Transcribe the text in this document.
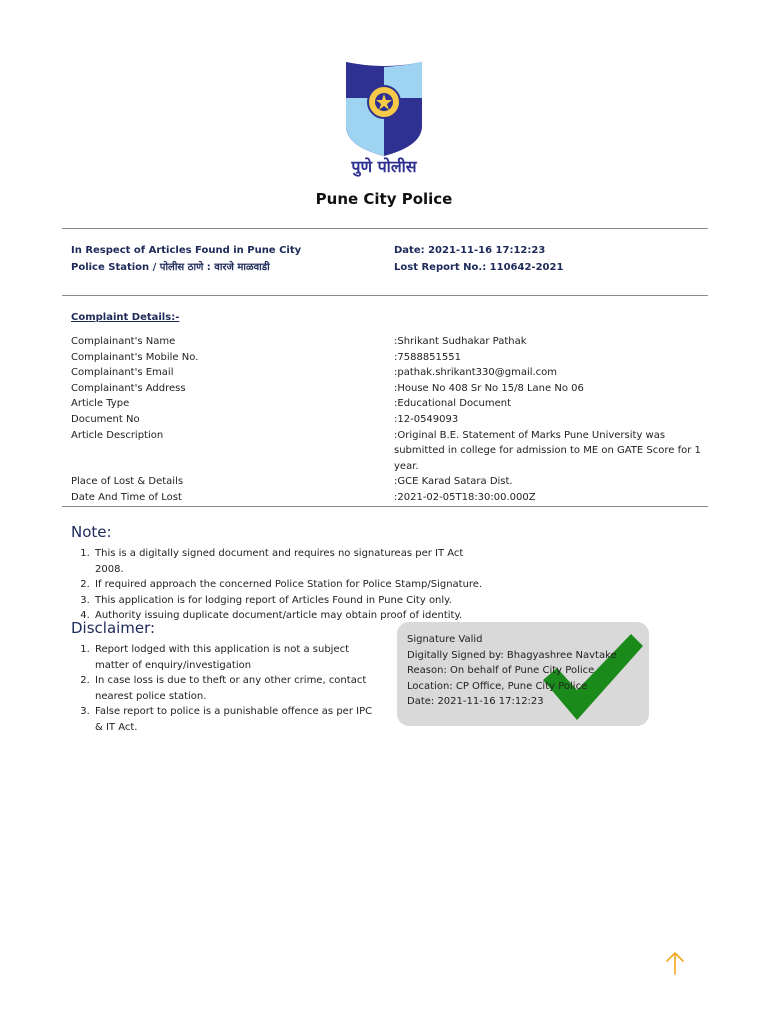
पुणे पोलीस
Pune City Police
In Respect of Articles Found in Pune City
Police Station / पोलीस ठाणे : वारजे माळवाडी
Date: 2021-11-16 17:12:23
Lost Report No.: 110642-2021
Complaint Details:-
Complainant's Name	:Shrikant Sudhakar Pathak
Complainant's Mobile No.	:7588851551
Complainant's Email	:pathak.shrikant330@gmail.com
Complainant's Address	:House No 408 Sr No 15/8 Lane No 06
Article Type	:Educational Document
Document No	:12-0549093
Article Description	:Original B.E. Statement of Marks Pune University was submitted in college for admission to ME on GATE Score for 1 year.
Place of Lost & Details	:GCE Karad Satara Dist.
Date And Time of Lost	:2021-02-05T18:30:00.000Z
Note:
1. This is a digitally signed document and requires no signatureas per IT Act 2008.
2. If required approach the concerned Police Station for Police Stamp/Signature.
3. This application is for lodging report of Articles Found in Pune City only.
4. Authority issuing duplicate document/article may obtain proof of identity.
Disclaimer:
1. Report lodged with this application is not a subject matter of enquiry/investigation
2. In case loss is due to theft or any other crime, contact nearest police station.
3. False report to police is a punishable offence as per IPC & IT Act.
Signature Valid
Digitally Signed by: Bhagyashree Navtake
Reason: On behalf of Pune City Police
Location: CP Office, Pune City Police
Date: 2021-11-16 17:12:23
